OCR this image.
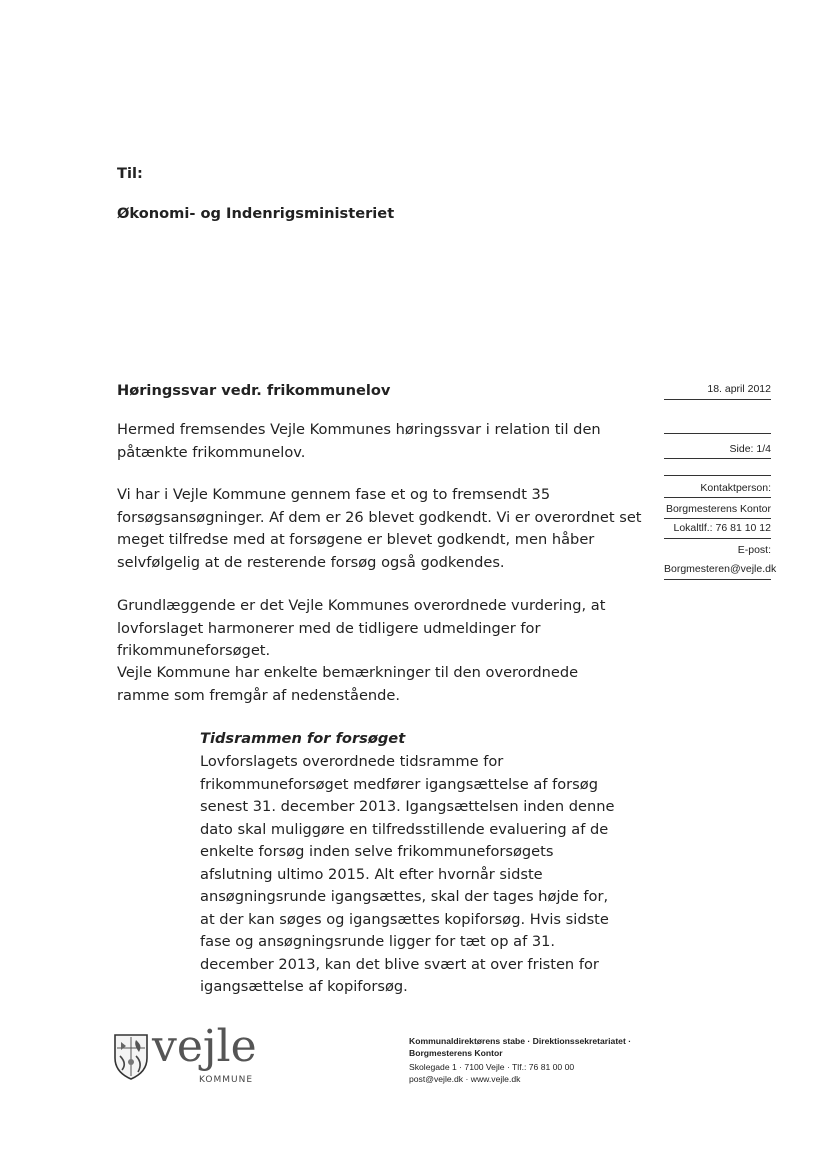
Til:
Økonomi- og Indenrigsministeriet
Høringssvar vedr. frikommunelov	18. april 2012
Side: 1/4
Kontaktperson:
Borgmesterens Kontor
Lokaltlf.: 76 81 10 12
E-post:
Borgmesteren@vejle.dk

Hermed fremsendes Vejle Kommunes høringssvar i relation til den påtænkte frikommunelov.

Vi har i Vejle Kommune gennem fase et og to fremsendt 35 forsøgsansøgninger. Af dem er 26 blevet godkendt. Vi er overordnet set meget tilfredse med at forsøgene er blevet godkendt, men håber selvfølgelig at de resterende forsøg også godkendes.

Grundlæggende er det Vejle Kommunes overordnede vurdering, at lovforslaget harmonerer med de tidligere udmeldinger for frikommuneforsøget.

Vejle Kommune har enkelte bemærkninger til den overordnede ramme som fremgår af nedenstående.

Tidsrammen for forsøget

Lovforslagets overordnede tidsramme for frikommuneforsøget medfører igangsættelse af forsøg senest 31. december 2013. Igangsættelsen inden denne dato skal muliggøre en tilfredsstillende evaluering af de enkelte forsøg inden selve frikommuneforsøgets afslutning ultimo 2015. Alt efter hvornår sidste ansøgningsrunde igangsættes, skal der tages højde for, at der kan søges og igangsættes kopiforsøg. Hvis sidste fase og ansøgningsrunde ligger for tæt op af 31. december 2013, kan det blive svært at over fristen for igangsættelse af kopiforsøg.

vejle
KOMMUNE
Kommunaldirektørens stabe · Direktionssekretariatet ·
Borgmesterens Kontor
Skolegade 1 · 7100 Vejle · Tlf.: 76 81 00 00
post@vejle.dk · www.vejle.dk
